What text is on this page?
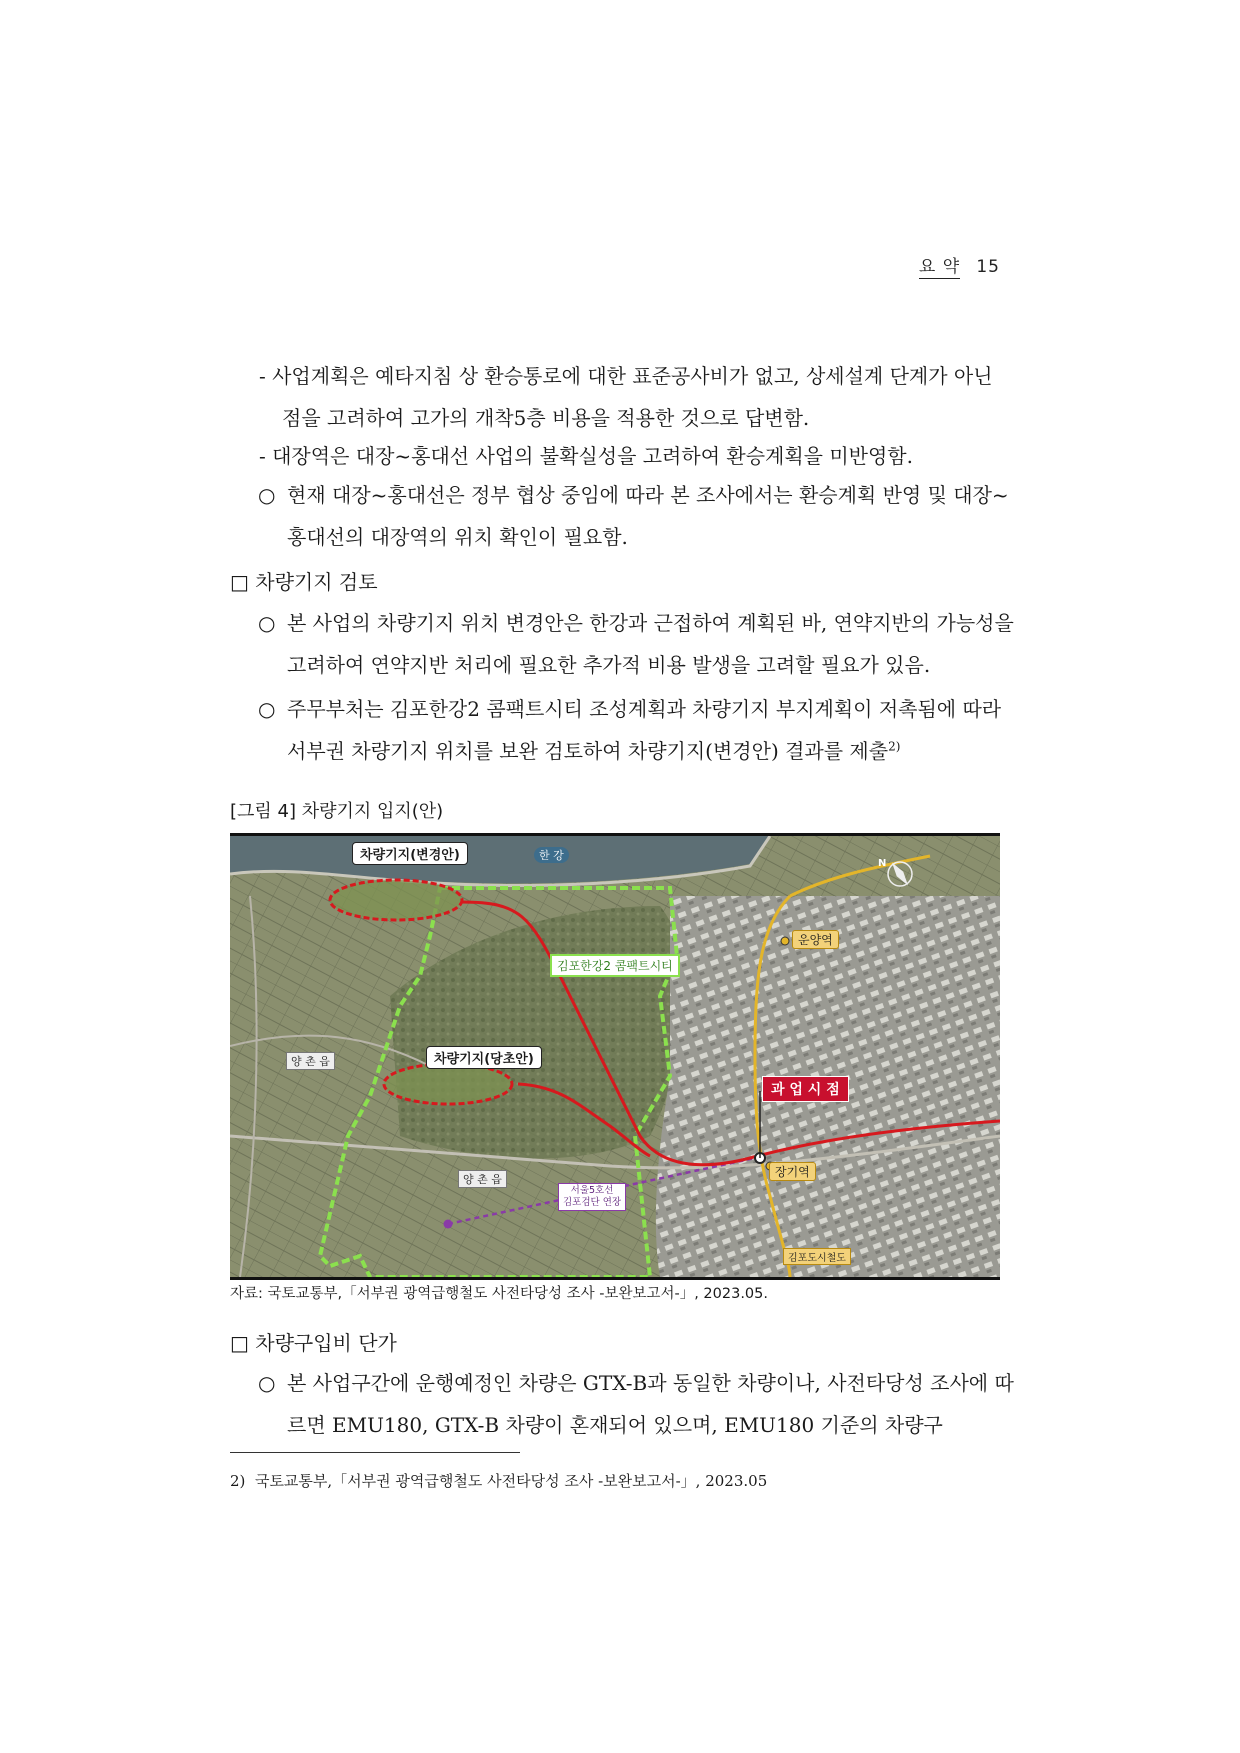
요 약 15
- 사업계획은 예타지침 상 환승통로에 대한 표준공사비가 없고, 상세설계 단계가 아닌 점을 고려하여 고가의 개착5층 비용을 적용한 것으로 답변함.
- 대장역은 대장~홍대선 사업의 불확실성을 고려하여 환승계획을 미반영함.
○ 현재 대장~홍대선은 정부 협상 중임에 따라 본 조사에서는 환승계획 반영 및 대장~홍대선의 대장역의 위치 확인이 필요함.
□ 차량기지 검토
○ 본 사업의 차량기지 위치 변경안은 한강과 근접하여 계획된 바, 연약지반의 가능성을 고려하여 연약지반 처리에 필요한 추가적 비용 발생을 고려할 필요가 있음.
○ 주무부처는 김포한강2 콤팩트시티 조성계획과 차량기지 부지계획이 저촉됨에 따라 서부권 차량기지 위치를 보완 검토하여 차량기지(변경안) 결과를 제출$^{2)}$
[그림 4] 차량기지 입지(안)
차량기지(변경안)
차량기지(당초안)
한 강
김포한강2 콤팩트시티
양 촌 읍
양 촌 읍
운양역
장기역
과 업 시 점
서울5호선
김포검단 연장
김포도시철도
N
자료: 국토교통부,「서부권 광역급행철도 사전타당성 조사 -보완보고서-」, 2023.05.
□ 차량구입비 단가
○ 본 사업구간에 운행예정인 차량은 GTX-B과 동일한 차량이나, 사전타당성 조사에 따르면 EMU180, GTX-B 차량이 혼재되어 있으며, EMU180 기준의 차량구
2) 국토교통부,「서부권 광역급행철도 사전타당성 조사 -보완보고서-」, 2023.05
